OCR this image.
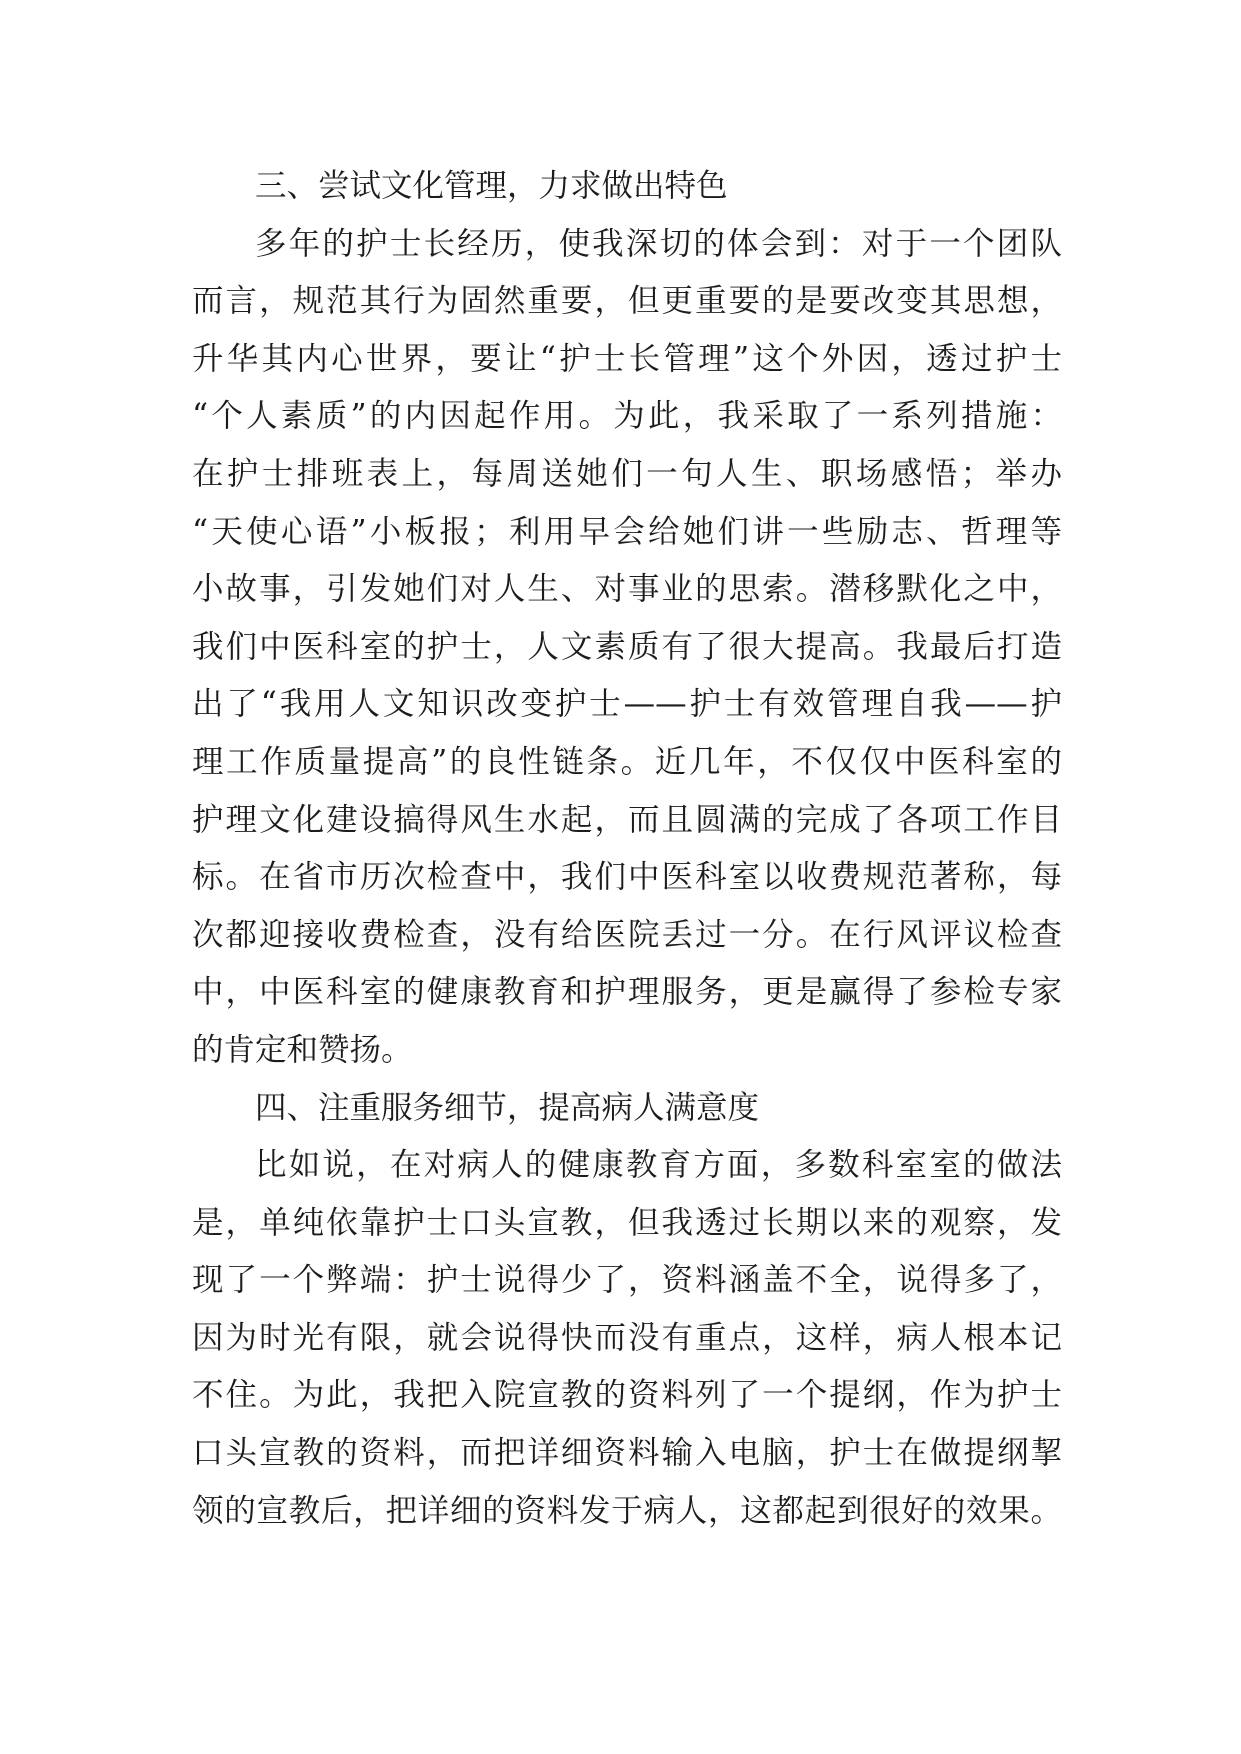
三、尝试文化管理，力求做出特色
多年的护士长经历，使我深切的体会到：对于一个团队
而言，规范其行为固然重要，但更重要的是要改变其思想，
升华其内心世界，要让“护士长管理”这个外因，透过护士
“个人素质”的内因起作用。为此，我采取了一系列措施：
在护士排班表上，每周送她们一句人生、职场感悟；举办
“天使心语”小板报；利用早会给她们讲一些励志、哲理等
小故事，引发她们对人生、对事业的思索。潜移默化之中，
我们中医科室的护士，人文素质有了很大提高。我最后打造
出了“我用人文知识改变护士——护士有效管理自我——护
理工作质量提高”的良性链条。近几年，不仅仅中医科室的
护理文化建设搞得风生水起，而且圆满的完成了各项工作目
标。在省市历次检查中，我们中医科室以收费规范著称，每
次都迎接收费检查，没有给医院丢过一分。在行风评议检查
中，中医科室的健康教育和护理服务，更是赢得了参检专家
的肯定和赞扬。
四、注重服务细节，提高病人满意度
比如说，在对病人的健康教育方面，多数科室室的做法
是，单纯依靠护士口头宣教，但我透过长期以来的观察，发
现了一个弊端：护士说得少了，资料涵盖不全，说得多了，
因为时光有限，就会说得快而没有重点，这样，病人根本记
不住。为此，我把入院宣教的资料列了一个提纲，作为护士
口头宣教的资料，而把详细资料输入电脑，护士在做提纲挈
领的宣教后，把详细的资料发于病人，这都起到很好的效果。
